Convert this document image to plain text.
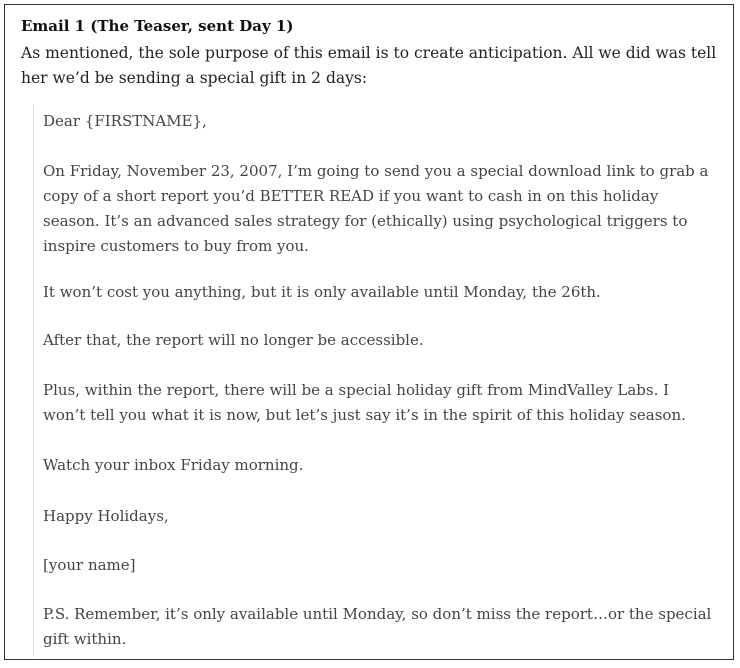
Email 1 (The Teaser, sent Day 1)

As mentioned, the sole purpose of this email is to create anticipation. All we did was tell her we’d be sending a special gift in 2 days:

Dear {FIRSTNAME},

On Friday, November 23, 2007, I’m going to send you a special download link to grab a copy of a short report you’d BETTER READ if you want to cash in on this holiday season. It’s an advanced sales strategy for (ethically) using psychological triggers to inspire customers to buy from you.

It won’t cost you anything, but it is only available until Monday, the 26th.

After that, the report will no longer be accessible.

Plus, within the report, there will be a special holiday gift from MindValley Labs. I won’t tell you what it is now, but let’s just say it’s in the spirit of this holiday season.

Watch your inbox Friday morning.

Happy Holidays,

[your name]

P.S. Remember, it’s only available until Monday, so don’t miss the report…or the special gift within.
